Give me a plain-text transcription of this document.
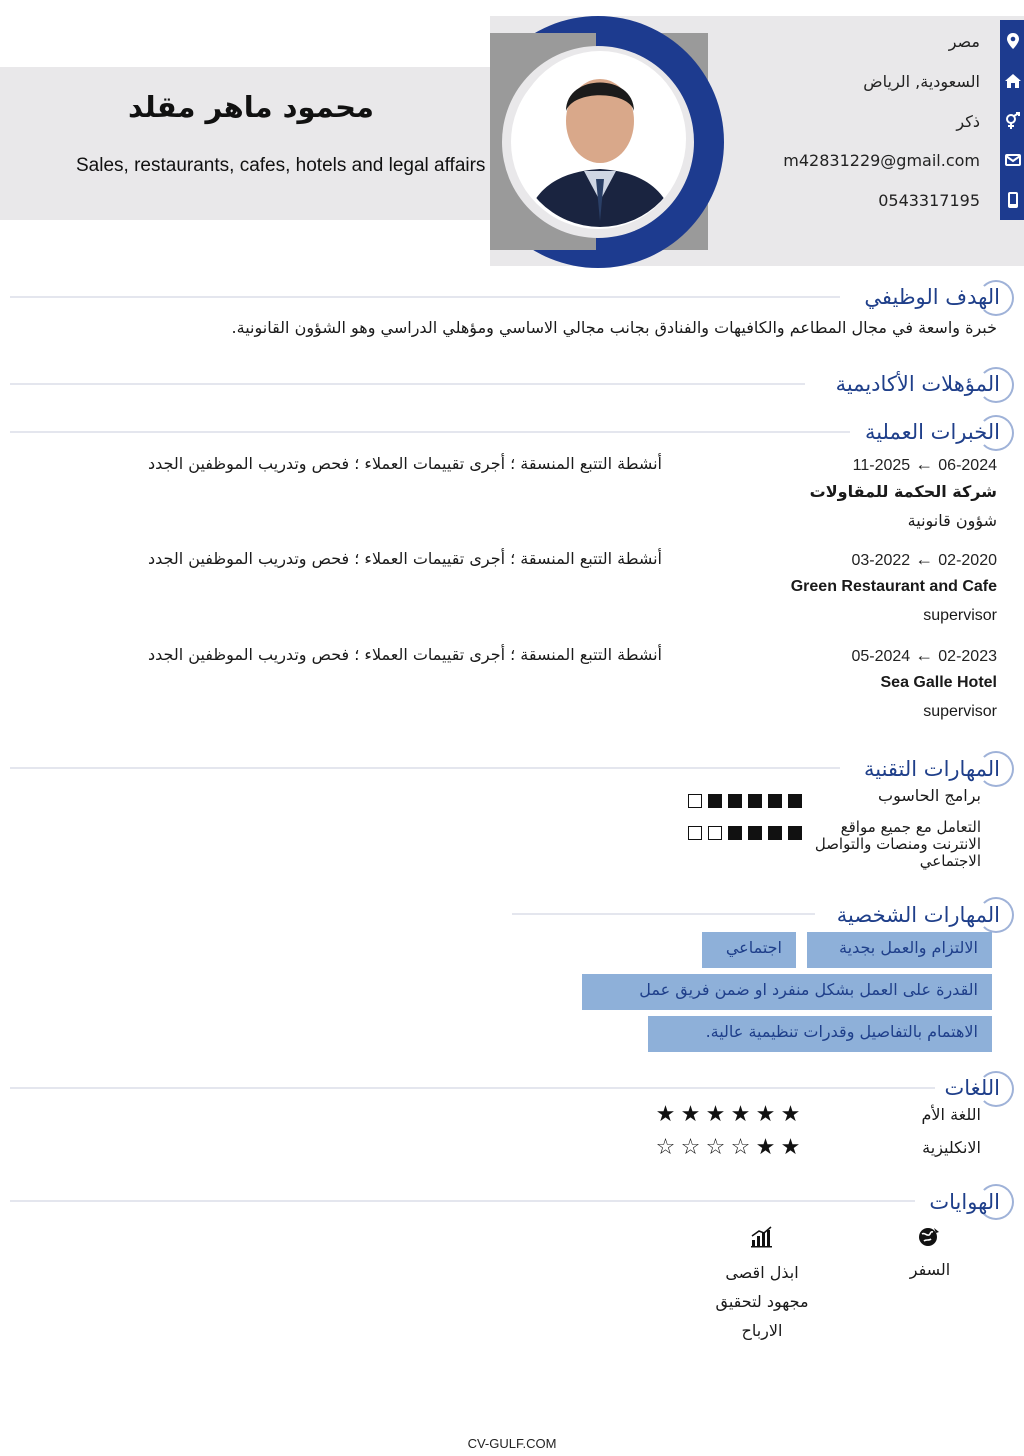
محمود ماهر مقلد
Sales, restaurants, cafes, hotels and legal affairs
مصر
السعودية, الرياض
ذكر
m42831229@gmail.com
0543317195
الهدف الوظيفي
خبرة واسعة في مجال المطاعم والكافيهات والفنادق بجانب مجالي الاساسي ومؤهلي الدراسي وهو الشؤون القانونية.
المؤهلات الأكاديمية
الخبرات العملية
11-2025 ← 06-2024
شركة الحكمة للمقاولات
شؤون قانونية
أنشطة التتبع المنسقة ؛ أجرى تقييمات العملاء ؛ فحص وتدريب الموظفين الجدد
03-2022 ← 02-2020
Green Restaurant and Cafe
supervisor
أنشطة التتبع المنسقة ؛ أجرى تقييمات العملاء ؛ فحص وتدريب الموظفين الجدد
05-2024 ← 02-2023
Sea Galle Hotel
supervisor
أنشطة التتبع المنسقة ؛ أجرى تقييمات العملاء ؛ فحص وتدريب الموظفين الجدد
المهارات التقنية
برامج الحاسوب
التعامل مع جميع مواقع الانترنت ومنصات والتواصل الاجتماعي
المهارات الشخصية
الالتزام والعمل بجدية
اجتماعي
القدرة على العمل بشكل منفرد او ضمن فريق عمل
الاهتمام بالتفاصيل وقدرات تنظيمية عالية.
اللغات
اللغة الأم
★ ★ ★ ★ ★ ★
الانكليزية
☆ ☆ ☆ ☆ ★ ★
الهوايات
السفر
ابذل اقصى مجهود لتحقيق الارباح
CV-GULF.COM
